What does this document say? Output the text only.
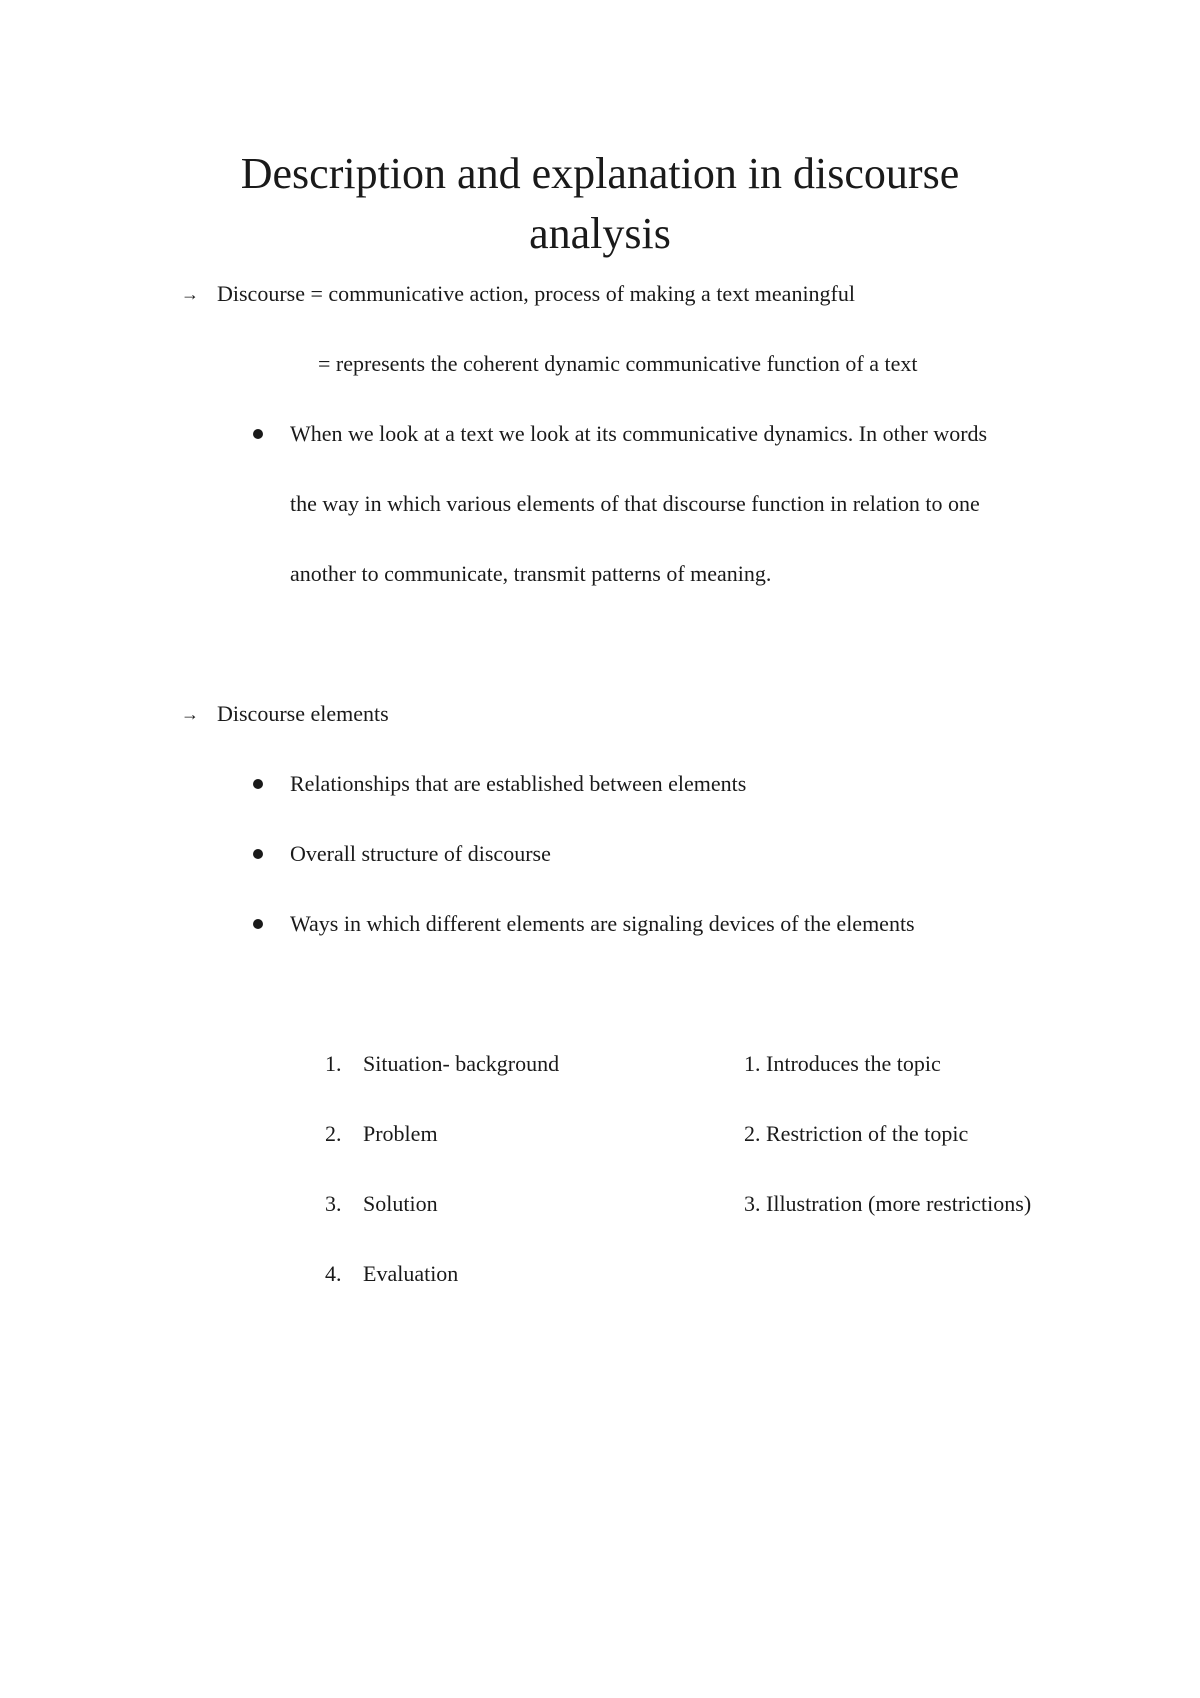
Description and explanation in discourse
analysis
→ Discourse = communicative action, process of making a text meaningful
= represents the coherent dynamic communicative function of a text
When we look at a text we look at its communicative dynamics. In other words
the way in which various elements of that discourse function in relation to one
another to communicate, transmit patterns of meaning.
→ Discourse elements
Relationships that are established between elements
Overall structure of discourse
Ways in which different elements are signaling devices of the elements
1. Situation- background
2. Problem
3. Solution
4. Evaluation
1. Introduces the topic
2. Restriction of the topic
3. Illustration (more restrictions)
